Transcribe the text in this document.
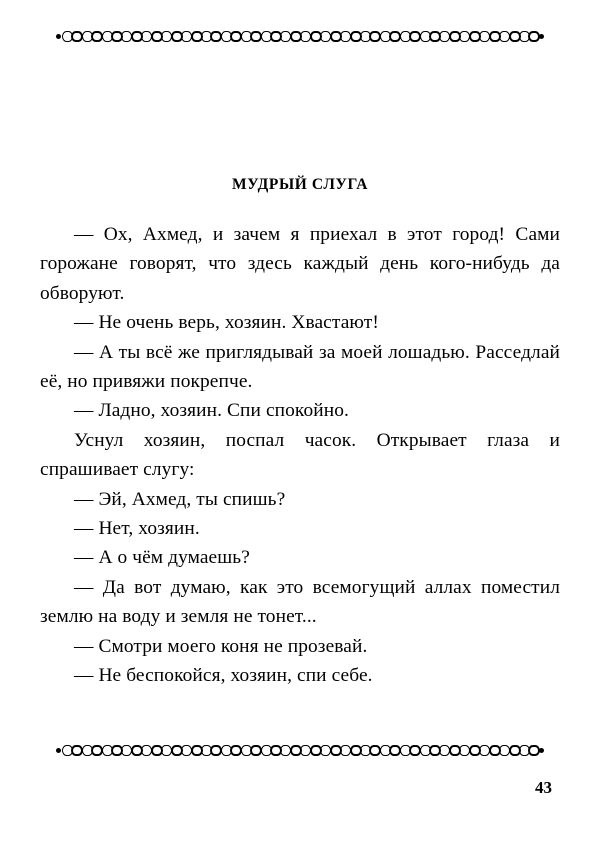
МУДРЫЙ СЛУГА

— Ох, Ахмед, и зачем я приехал в этот город! Сами горожане говорят, что здесь каждый день кого-нибудь да обворуют.

— Не очень верь, хозяин. Хвастают!

— А ты всё же приглядывай за моей лошадью. Расседлай её, но привяжи покрепче.

— Ладно, хозяин. Спи спокойно.

Уснул хозяин, поспал часок. Открывает глаза и спрашивает слугу:

— Эй, Ахмед, ты спишь?

— Нет, хозяин.

— А о чём думаешь?

— Да вот думаю, как это всемогущий аллах поместил землю на воду и земля не тонет...

— Смотри моего коня не прозевай.

— Не беспокойся, хозяин, спи себе.

43
